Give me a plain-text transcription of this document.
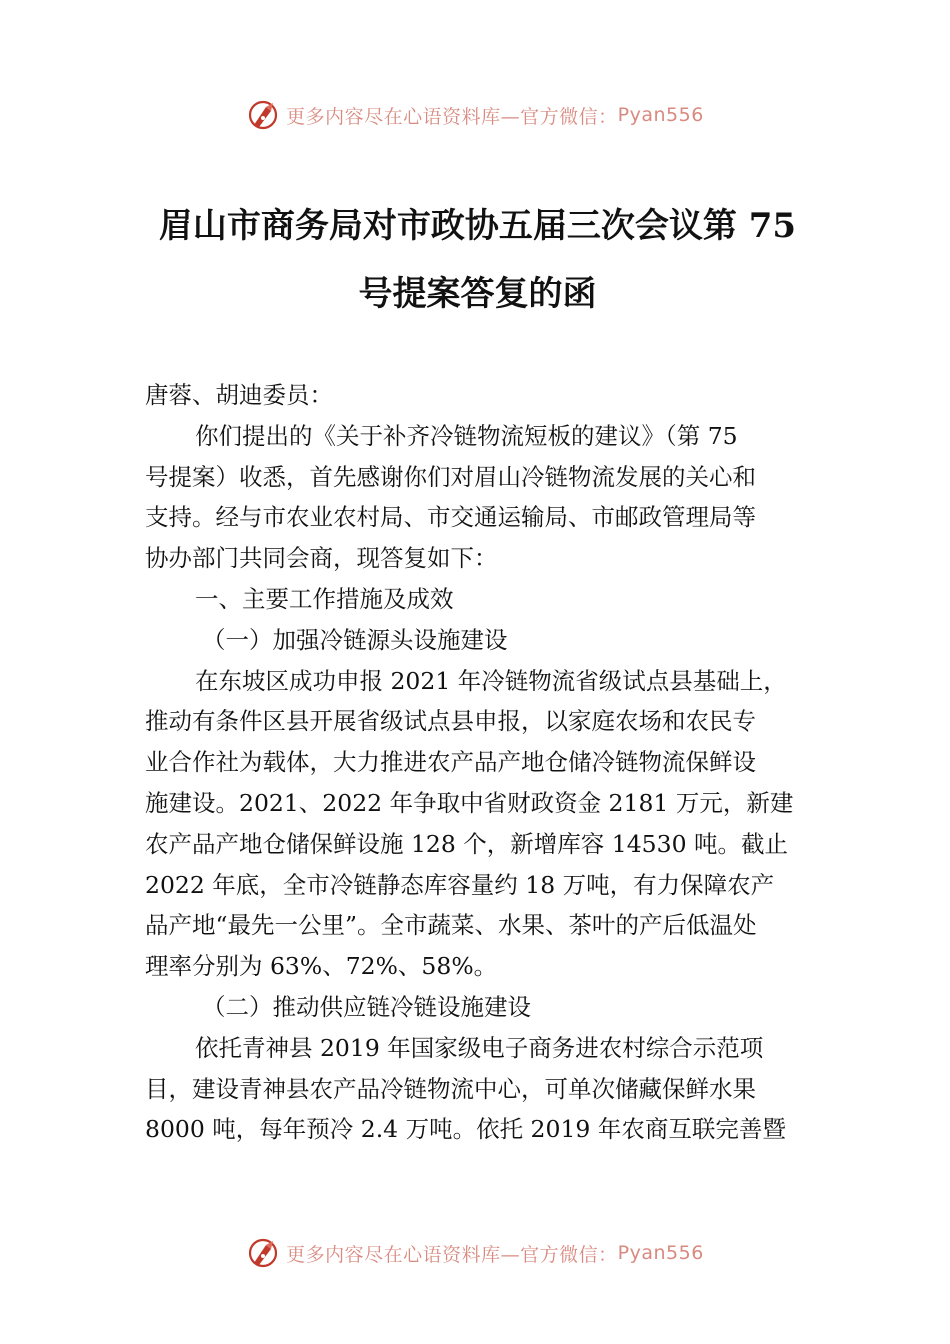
更多内容尽在心语资料库—官方微信： Pyan556
眉山市商务局对市政协五届三次会议第 75
号提案答复的函

唐蓉、胡迪委员：

你们提出的《关于补齐冷链物流短板的建议》（第 75

号提案）收悉，首先感谢你们对眉山冷链物流发展的关心和

支持。经与市农业农村局、市交通运输局、市邮政管理局等

协办部门共同会商，现答复如下：

一、主要工作措施及成效

（一）加强冷链源头设施建设

在东坡区成功申报 2021 年冷链物流省级试点县基础上，

推动有条件区县开展省级试点县申报，以家庭农场和农民专

业合作社为载体，大力推进农产品产地仓储冷链物流保鲜设

施建设。2021、2022 年争取中省财政资金 2181 万元，新建

农产品产地仓储保鲜设施 128 个，新增库容 14530 吨。截止

2022 年底，全市冷链静态库容量约 18 万吨，有力保障农产

品产地“最先一公里”。全市蔬菜、水果、茶叶的产后低温处

理率分别为 63%、72%、58%。

（二）推动供应链冷链设施建设

依托青神县 2019 年国家级电子商务进农村综合示范项

目，建设青神县农产品冷链物流中心，可单次储藏保鲜水果

8000 吨，每年预冷 2.4 万吨。依托 2019 年农商互联完善暨

更多内容尽在心语资料库—官方微信： Pyan556
